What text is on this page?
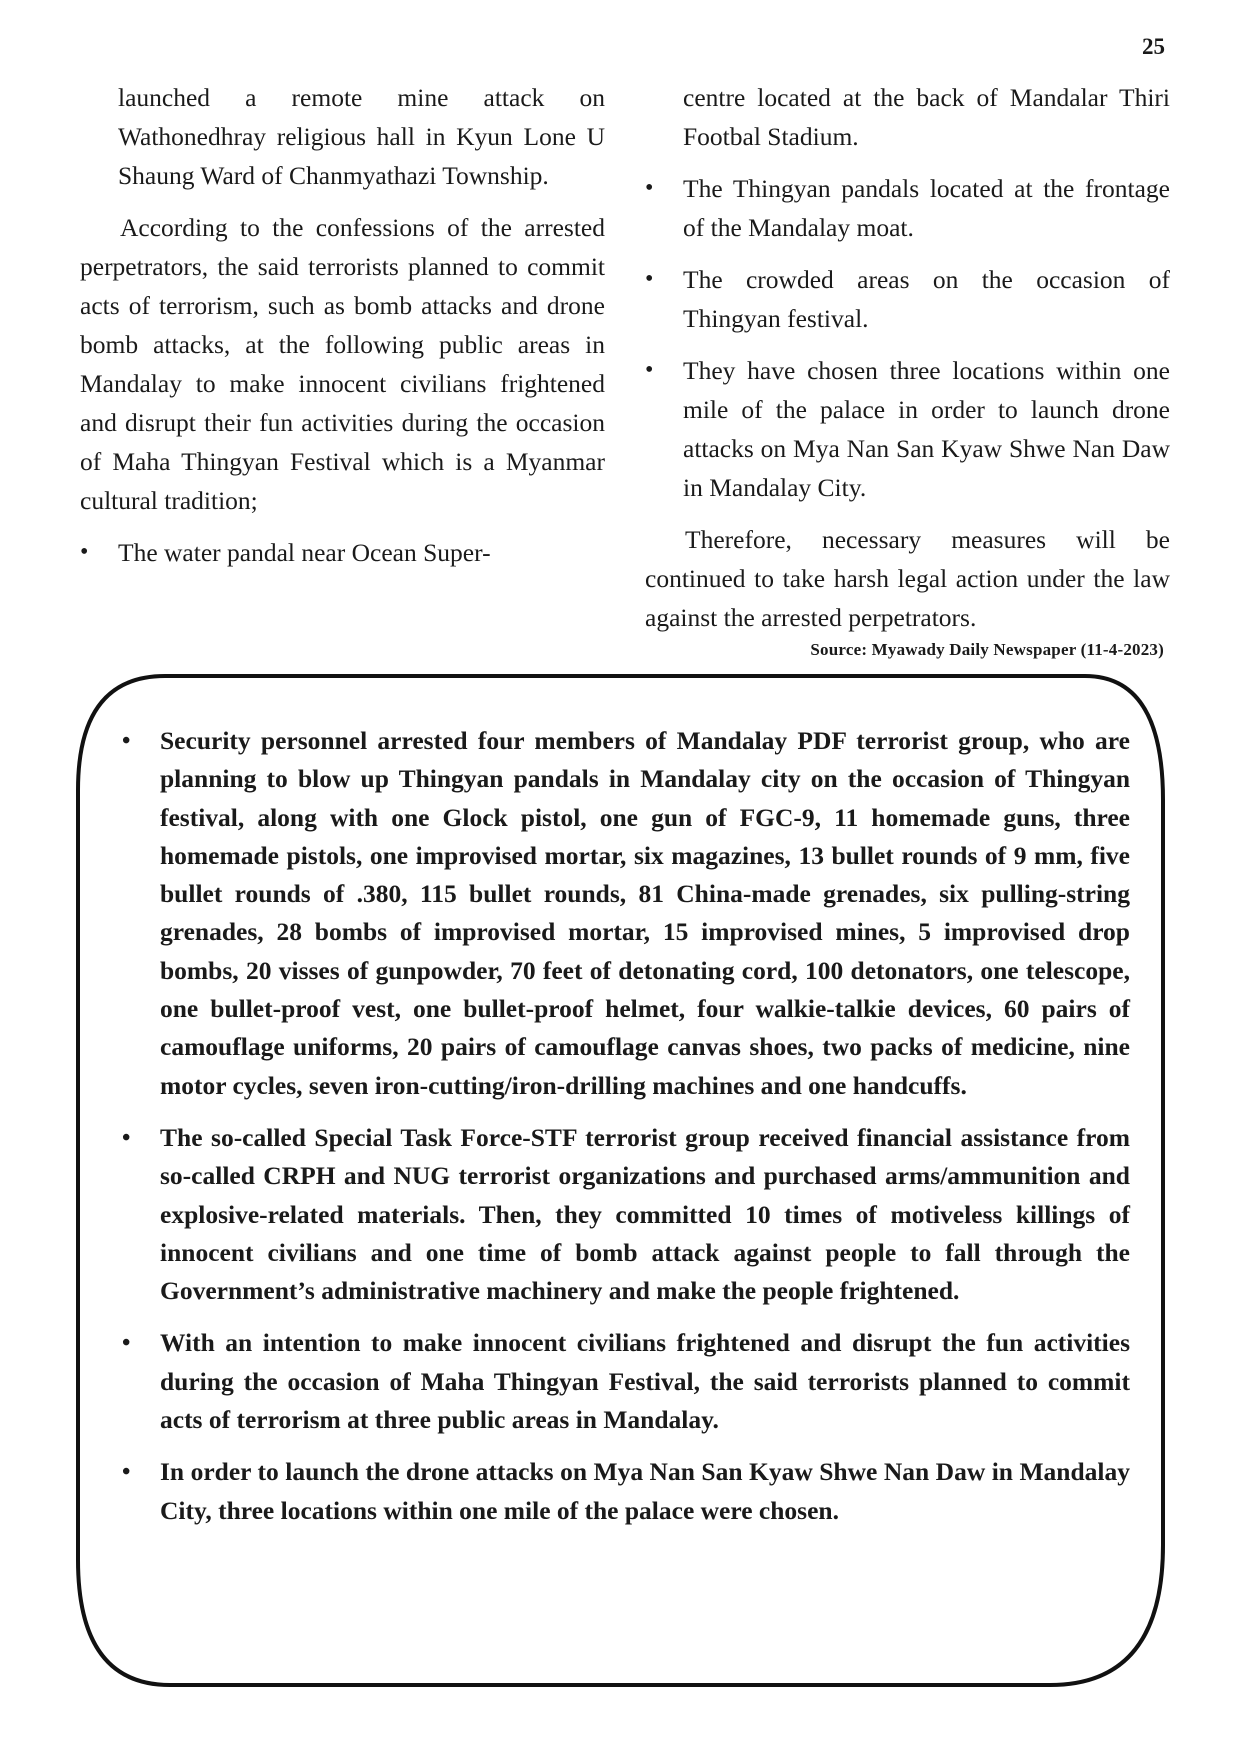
25

launched a remote mine attack on Wathonedhray religious hall in Kyun Lone U Shaung Ward of Chanmyathazi Township.

According to the confessions of the arrested perpetrators, the said terrorists planned to commit acts of terrorism, such as bomb attacks and drone bomb attacks, at the following public areas in Mandalay to make innocent civilians frightened and disrupt their fun activities during the occasion of Maha Thingyan Festival which is a Myanmar cultural tradition;

• The water pandal near Ocean Super-

centre located at the back of Mandalar Thiri Footbal Stadium.

• The Thingyan pandals located at the frontage of the Mandalay moat.
• The crowded areas on the occasion of Thingyan festival.
• They have chosen three locations within one mile of the palace in order to launch drone attacks on Mya Nan San Kyaw Shwe Nan Daw in Mandalay City.

Therefore, necessary measures will be continued to take harsh legal action under the law against the arrested perpetrators.

Source: Myawady Daily Newspaper (11-4-2023)
• Security personnel arrested four members of Mandalay PDF terrorist group, who are planning to blow up Thingyan pandals in Mandalay city on the occasion of Thingyan festival, along with one Glock pistol, one gun of FGC-9, 11 homemade guns, three homemade pistols, one improvised mortar, six magazines, 13 bullet rounds of 9 mm, five bullet rounds of .380, 115 bullet rounds, 81 China-made grenades, six pulling-string grenades, 28 bombs of improvised mortar, 15 improvised mines, 5 improvised drop bombs, 20 visses of gunpowder, 70 feet of detonating cord, 100 detonators, one telescope, one bullet-proof vest, one bullet-proof helmet, four walkie-talkie devices, 60 pairs of camouflage uniforms, 20 pairs of camouflage canvas shoes, two packs of medicine, nine motor cycles, seven iron-cutting/iron-drilling machines and one handcuffs.
• The so-called Special Task Force-STF terrorist group received financial assistance from so-called CRPH and NUG terrorist organizations and purchased arms/ammunition and explosive-related materials. Then, they committed 10 times of motiveless killings of innocent civilians and one time of bomb attack against people to fall through the Government’s administrative machinery and make the people frightened.
• With an intention to make innocent civilians frightened and disrupt the fun activities during the occasion of Maha Thingyan Festival, the said terrorists planned to commit acts of terrorism at three public areas in Mandalay.
• In order to launch the drone attacks on Mya Nan San Kyaw Shwe Nan Daw in Mandalay City, three locations within one mile of the palace were chosen.
